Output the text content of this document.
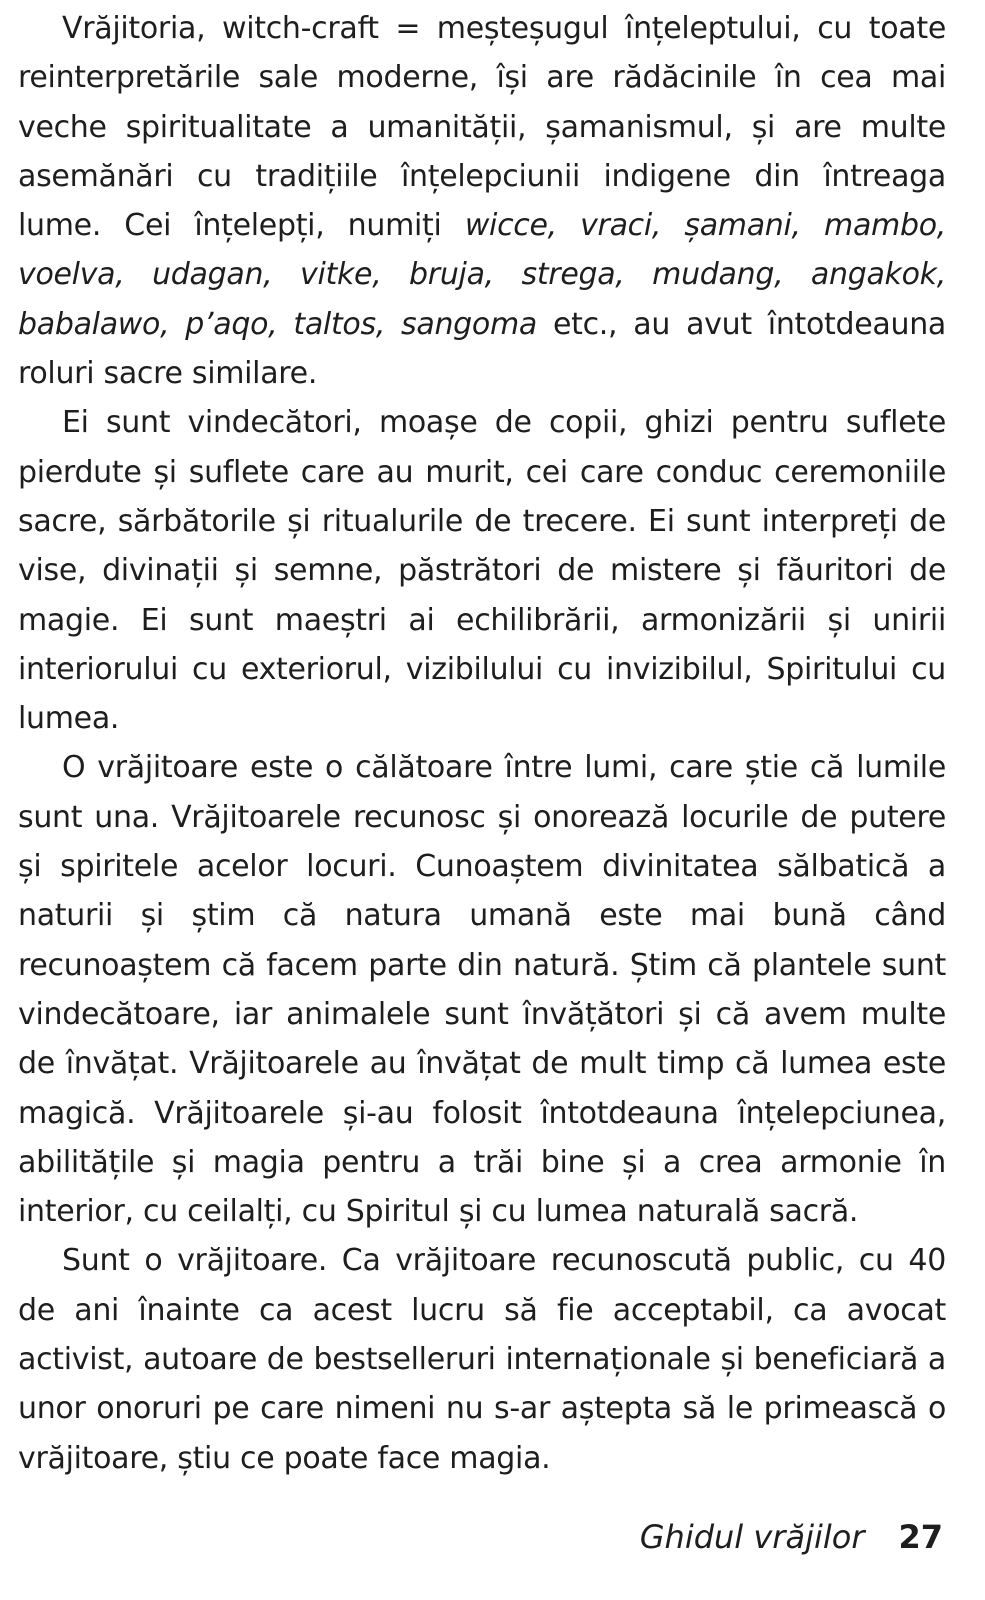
Vrăjitoria, witch-craft = meșteșugul înțeleptului, cu toate reinterpretările sale moderne, își are rădăcinile în cea mai veche spiritualitate a umanității, șamanismul, și are multe asemănări cu tradițiile înțelepciunii indigene din întreaga lume. Cei înțelepți, numiți wicce, vraci, șamani, mambo, voelva, udagan, vitke, bruja, strega, mudang, angakok, babalawo, p’aqo, taltos, sangoma etc., au avut întotdeauna roluri sacre similare.

Ei sunt vindecători, moașe de copii, ghizi pentru suflete pierdute și suflete care au murit, cei care conduc ceremoniile sacre, sărbătorile și ritualurile de trecere. Ei sunt interpreți de vise, divinații și semne, păstrători de mistere și făuritori de magie. Ei sunt maeștri ai echilibrării, armonizării și unirii interiorului cu exteriorul, vizibilului cu invizibilul, Spiritului cu lumea.

O vrăjitoare este o călătoare între lumi, care știe că lumile sunt una. Vrăjitoarele recunosc și onorează locurile de putere și spiritele acelor locuri. Cunoaștem divinitatea sălbatică a naturii și știm că natura umană este mai bună când recunoaștem că facem parte din natură. Știm că plantele sunt vindecătoare, iar animalele sunt învățători și că avem multe de învățat. Vrăjitoarele au învățat de mult timp că lumea este magică. Vrăjitoarele și-au folosit întotdeauna înțelepciunea, abilitățile și magia pentru a trăi bine și a crea armonie în interior, cu ceilalți, cu Spiritul și cu lumea naturală sacră.

Sunt o vrăjitoare. Ca vrăjitoare recunoscută public, cu 40 de ani înainte ca acest lucru să fie acceptabil, ca avocat activist, autoare de bestselleruri internaționale și beneficiară a unor onoruri pe care nimeni nu s-ar aștepta să le primească o vrăjitoare, știu ce poate face magia.

Ghidul vrăjilor 27
